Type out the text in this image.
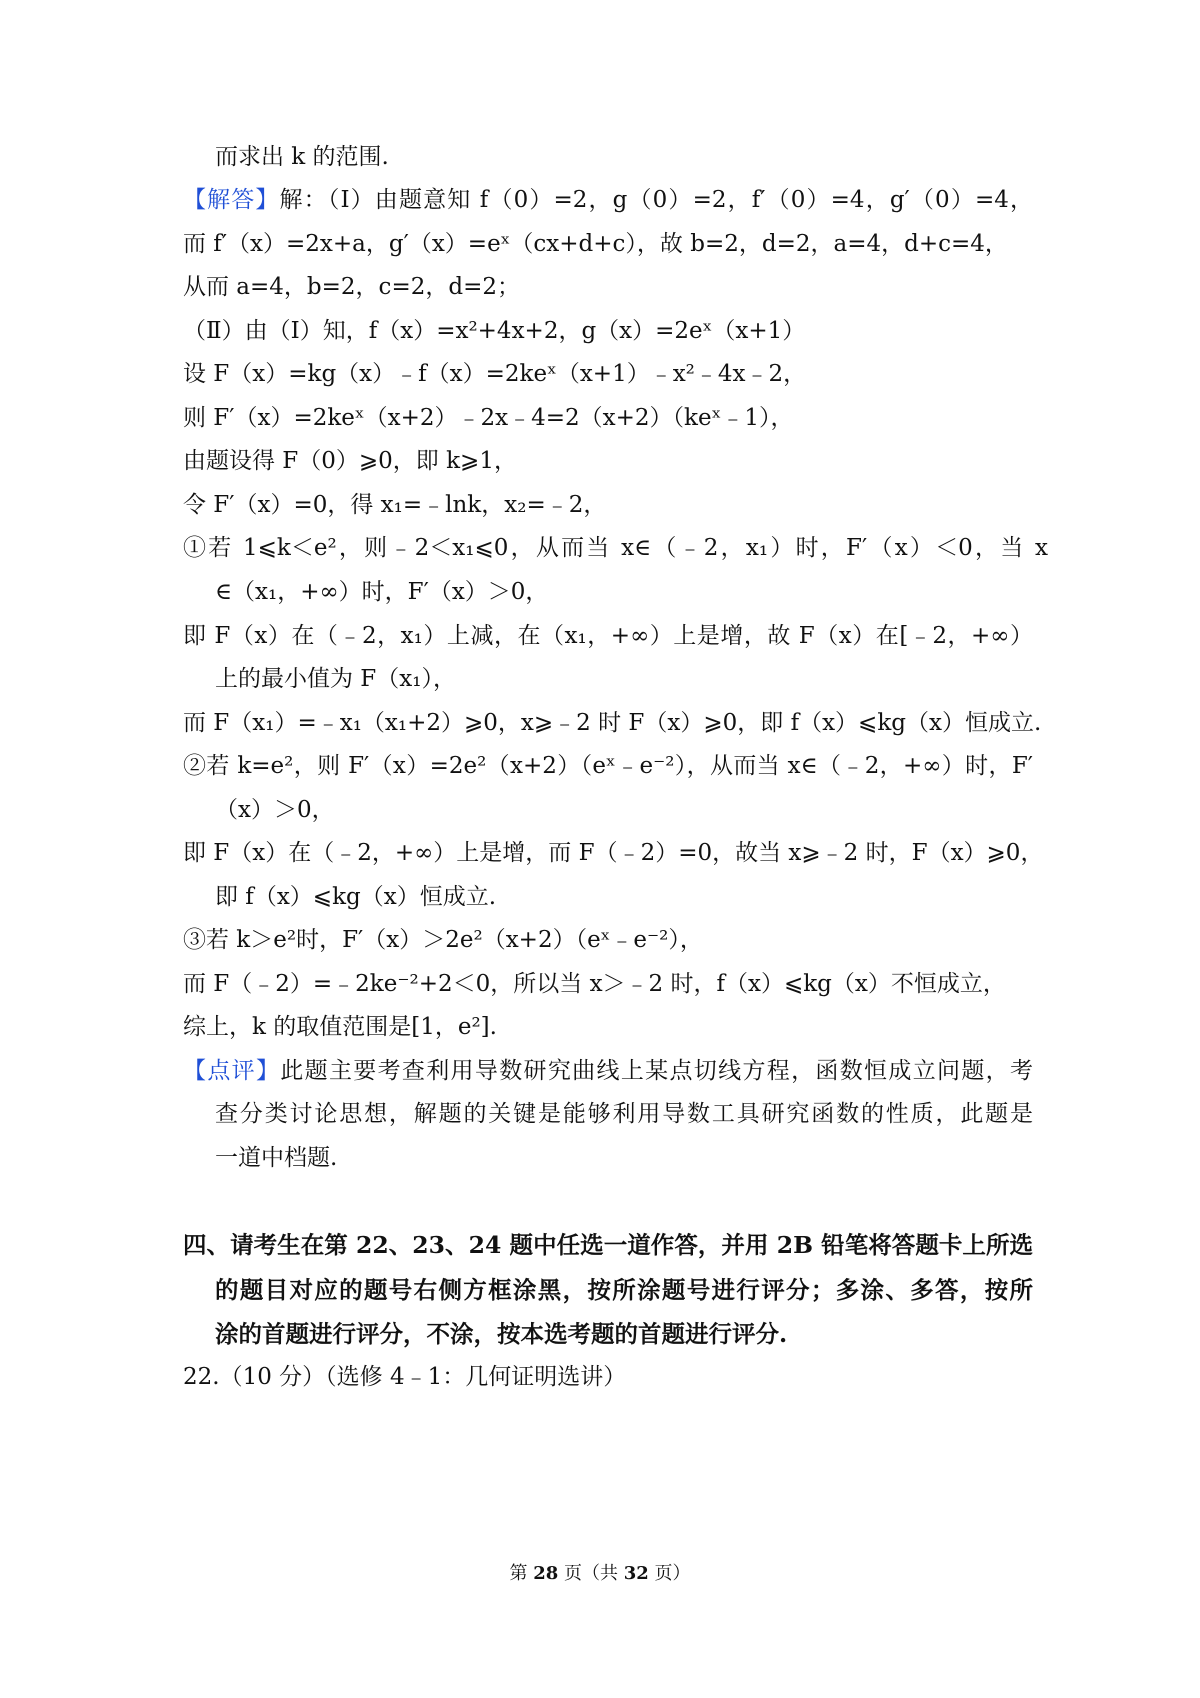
而求出 k 的范围.
【解答】解：（Ⅰ）由题意知 f（0）=2，g（0）=2，f′（0）=4，g′（0）=4，
而 f′（x）=2x+a，g′（x）=eˣ（cx+d+c），故 b=2，d=2，a=4，d+c=4，
从而 a=4，b=2，c=2，d=2；
（Ⅱ）由（I）知，f（x）=x²+4x+2，g（x）=2eˣ（x+1）
设 F（x）=kg（x）﹣f（x）=2keˣ（x+1）﹣x²﹣4x﹣2，
则 F′（x）=2keˣ（x+2）﹣2x﹣4=2（x+2）（keˣ﹣1），
由题设得 F（0）⩾0，即 k⩾1，
令 F′（x）=0，得 x₁=﹣lnk，x₂=﹣2，
①若 1⩽k＜e²，则﹣2＜x₁⩽0，从而当 x∈（﹣2，x₁）时，F′（x）＜0，当 x
∈（x₁，+∞）时，F′（x）＞0，
即 F（x）在（﹣2，x₁）上减，在（x₁，+∞）上是增，故 F（x）在[﹣2，+∞）
上的最小值为 F（x₁），
而 F（x₁）=﹣x₁（x₁+2）⩾0，x⩾﹣2 时 F（x）⩾0，即 f（x）⩽kg（x）恒成立.
②若 k=e²，则 F′（x）=2e²（x+2）（eˣ﹣e⁻²），从而当 x∈（﹣2，+∞）时，F′
（x）＞0，
即 F（x）在（﹣2，+∞）上是增，而 F（﹣2）=0，故当 x⩾﹣2 时，F（x）⩾0，
即 f（x）⩽kg（x）恒成立.
③若 k＞e²时，F′（x）＞2e²（x+2）（eˣ﹣e⁻²），
而 F（﹣2）=﹣2ke⁻²+2＜0，所以当 x＞﹣2 时，f（x）⩽kg（x）不恒成立，
综上，k 的取值范围是[1，e²].
【点评】此题主要考查利用导数研究曲线上某点切线方程，函数恒成立问题，考
查分类讨论思想，解题的关键是能够利用导数工具研究函数的性质，此题是
一道中档题.
四、请考生在第 22、23、24 题中任选一道作答，并用 2B 铅笔将答题卡上所选
的题目对应的题号右侧方框涂黑，按所涂题号进行评分；多涂、多答，按所
涂的首题进行评分，不涂，按本选考题的首题进行评分.
22.（10 分）（选修 4﹣1：几何证明选讲）
第 28 页（共 32 页）
